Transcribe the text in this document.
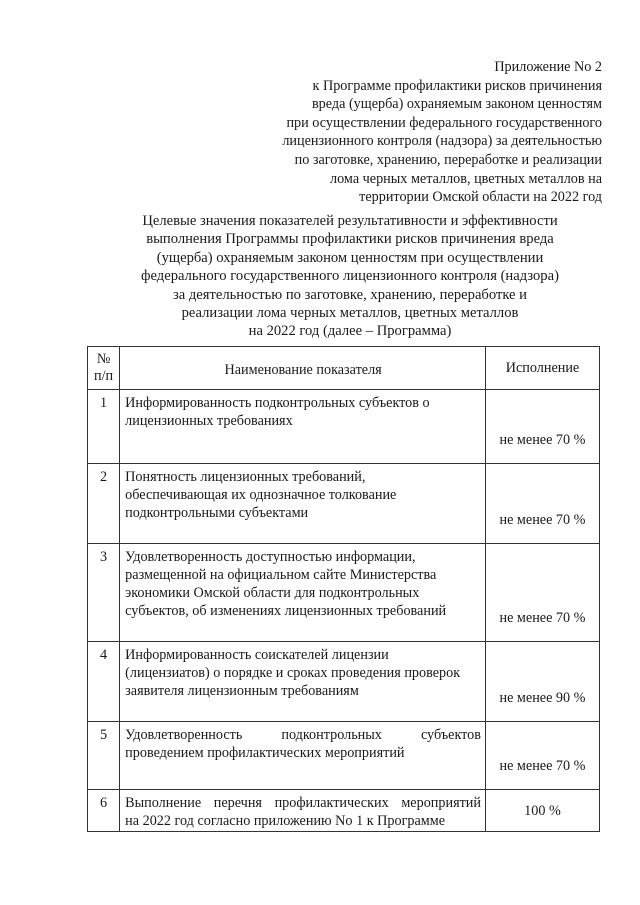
Приложение No 2
к Программе профилактики рисков причинения
вреда (ущерба) охраняемым законом ценностям
при осуществлении федерального государственного
лицензионного контроля (надзора) за деятельностью
по заготовке, хранению, переработке и реализации
лома черных металлов, цветных металлов на
территории Омской области на 2022 год
Целевые значения показателей результативности и эффективности
выполнения Программы профилактики рисков причинения вреда
(ущерба) охраняемым законом ценностям при осуществлении
федерального государственного лицензионного контроля (надзора)
за деятельностью по заготовке, хранению, переработке и
реализации лома черных металлов, цветных металлов
на 2022 год (далее – Программа)
№
п/п	Наименование показателя	Исполнение
1	Информированность подконтрольных субъектов о
лицензионных требованиях	не менее 70 %
2	Понятность лицензионных требований,
обеспечивающая их однозначное толкование
подконтрольными субъектами	не менее 70 %
3	Удовлетворенность доступностью информации,
размещенной на официальном сайте Министерства
экономики Омской области для подконтрольных
субъектов, об изменениях лицензионных требований	не менее 70 %
4	Информированность соискателей лицензии
(лицензиатов) о порядке и сроках проведения проверок
заявителя лицензионным требованиям	не менее 90 %
5	Удовлетворенность подконтрольных субъектов
проведением профилактических мероприятий	не менее 70 %
6	Выполнение перечня профилактических мероприятий
на 2022 год согласно приложению No 1 к Программе	100 %
